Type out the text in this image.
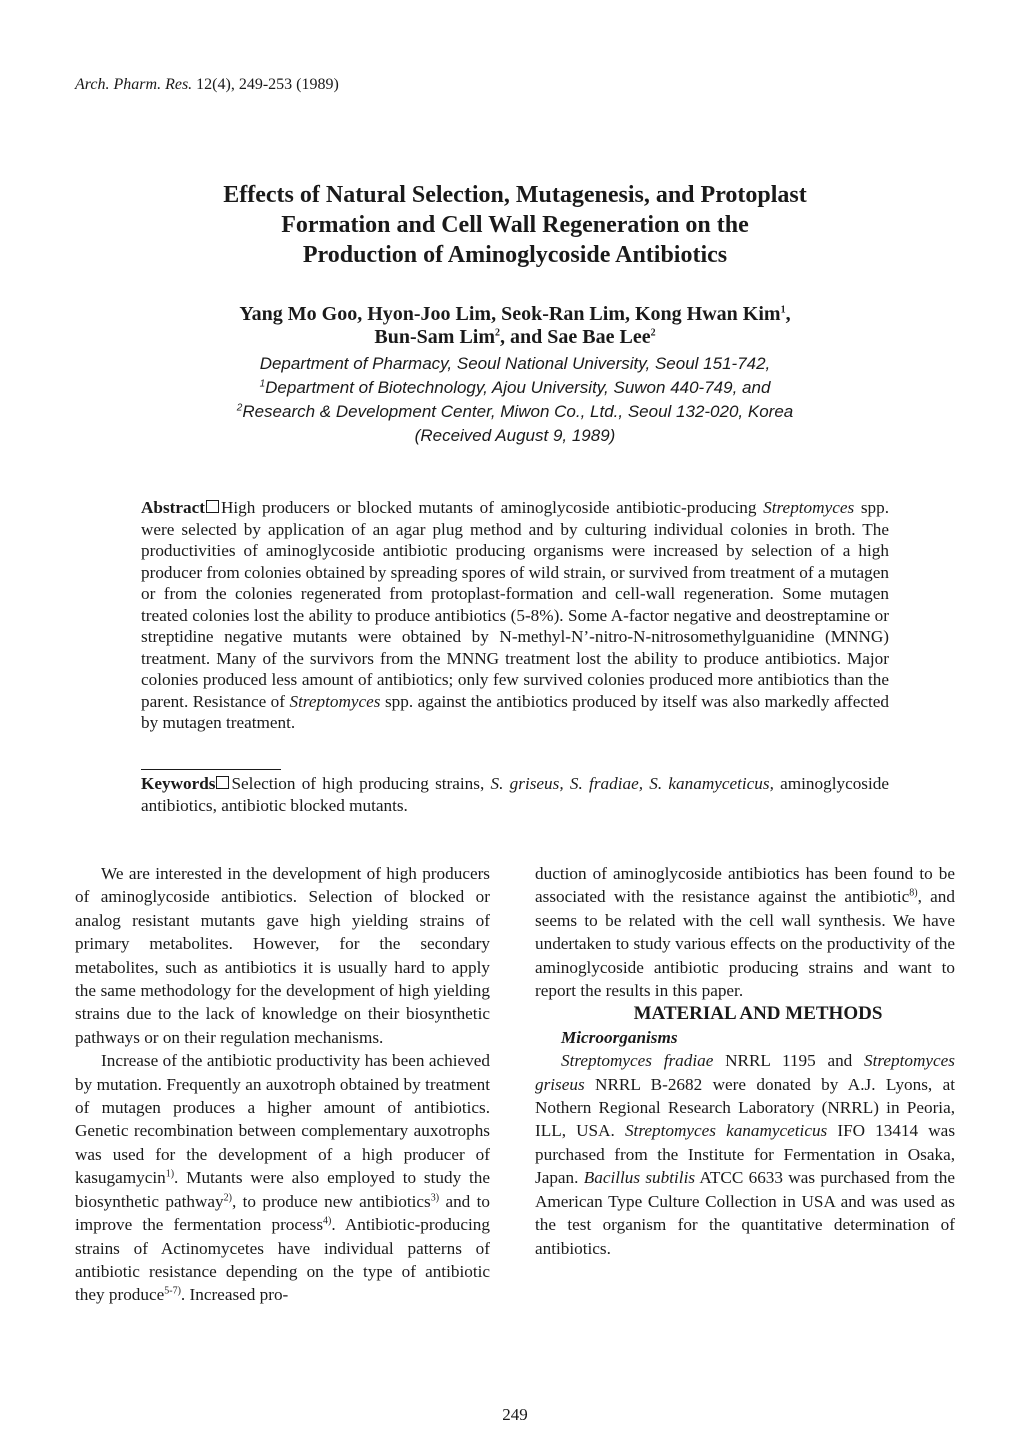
Arch. Pharm. Res. 12(4), 249-253 (1989)
Effects of Natural Selection, Mutagenesis, and Protoplast
Formation and Cell Wall Regeneration on the
Production of Aminoglycoside Antibiotics
Yang Mo Goo, Hyon-Joo Lim, Seok-Ran Lim, Kong Hwan Kim$^1$,
Bun-Sam Lim$^2$, and Sae Bae Lee$^2$
Department of Pharmacy, Seoul National University, Seoul 151-742,
$^1$Department of Biotechnology, Ajou University, Suwon 440-749, and
$^2$Research & Development Center, Miwon Co., Ltd., Seoul 132-020, Korea
(Received August 9, 1989)
Abstract High producers or blocked mutants of aminoglycoside antibiotic-producing Streptomyces spp. were selected by application of an agar plug method and by culturing individual colonies in broth. The productivities of aminoglycoside antibiotic producing organisms were increased by selection of a high producer from colonies obtained by spreading spores of wild strain, or survived from treatment of a mutagen or from the colonies regenerated from protoplast-formation and cell-wall regeneration. Some mutagen treated colonies lost the ability to produce antibiotics (5-8%). Some A-factor negative and deostreptamine or streptidine negative mutants were obtained by N-methyl-N’-nitro-N-nitrosomethylguanidine (MNNG) treatment. Many of the survivors from the MNNG treatment lost the ability to produce antibiotics. Major colonies produced less amount of antibiotics; only few survived colonies produced more antibiotics than the parent. Resistance of Streptomyces spp. against the antibiotics produced by itself was also markedly affected by mutagen treatment.
Keywords Selection of high producing strains, S. griseus, S. fradiae, S. kanamyceticus, aminoglycoside antibiotics, antibiotic blocked mutants.

We are interested in the development of high producers of aminoglycoside antibiotics. Selection of blocked or analog resistant mutants gave high yielding strains of primary metabolites. However, for the secondary metabolites, such as antibiotics it is usually hard to apply the same methodology for the development of high yielding strains due to the lack of knowledge on their biosynthetic pathways or on their regulation mechanisms.

Increase of the antibiotic productivity has been achieved by mutation. Frequently an auxotroph obtained by treatment of mutagen produces a higher amount of antibiotics. Genetic recombination between complementary auxotrophs was used for the development of a high producer of kasugamycin$^{1)}$. Mutants were also employed to study the biosynthetic pathway$^{2)}$, to produce new antibiotics$^{3)}$ and to improve the fermentation process$^{4)}$. Antibiotic-producing strains of Actinomycetes have individual patterns of antibiotic resistance depending on the type of antibiotic they produce$^{5-7)}$. Increased pro-

duction of aminoglycoside antibiotics has been found to be associated with the resistance against the antibiotic$^{8)}$, and seems to be related with the cell wall synthesis. We have undertaken to study various effects on the productivity of the aminoglycoside antibiotic producing strains and want to report the results in this paper.

MATERIAL AND METHODS

Microorganisms

Streptomyces fradiae NRRL 1195 and Streptomyces griseus NRRL B-2682 were donated by A.J. Lyons, at Nothern Regional Research Laboratory (NRRL) in Peoria, ILL, USA. Streptomyces kanamyceticus IFO 13414 was purchased from the Institute for Fermentation in Osaka, Japan. Bacillus subtilis ATCC 6633 was purchased from the American Type Culture Collection in USA and was used as the test organism for the quantitative determination of antibiotics.

249
